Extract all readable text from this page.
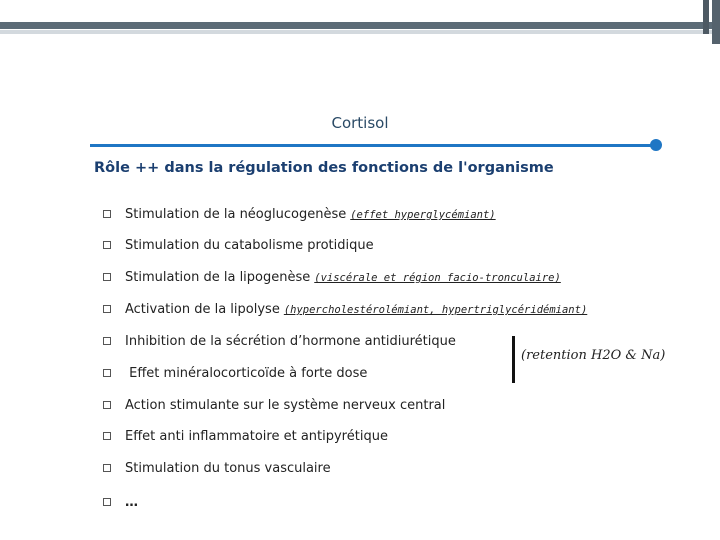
Cortisol
Rôle ++ dans la régulation des fonctions de l'organisme
Stimulation de la néoglucogenèse (effet hyperglycémiant)
Stimulation du catabolisme protidique
Stimulation de la lipogenèse (viscérale et région facio-tronculaire)
Activation de la lipolyse (hypercholestérolémiant, hypertriglycéridémiant)
Inhibition de la sécrétion d’hormone antidiurétique
Effet minéralocorticoïde à forte dose
Action stimulante sur le système nerveux central
Effet anti inflammatoire et antipyrétique
Stimulation du tonus vasculaire
…
(retention H2O & Na)
